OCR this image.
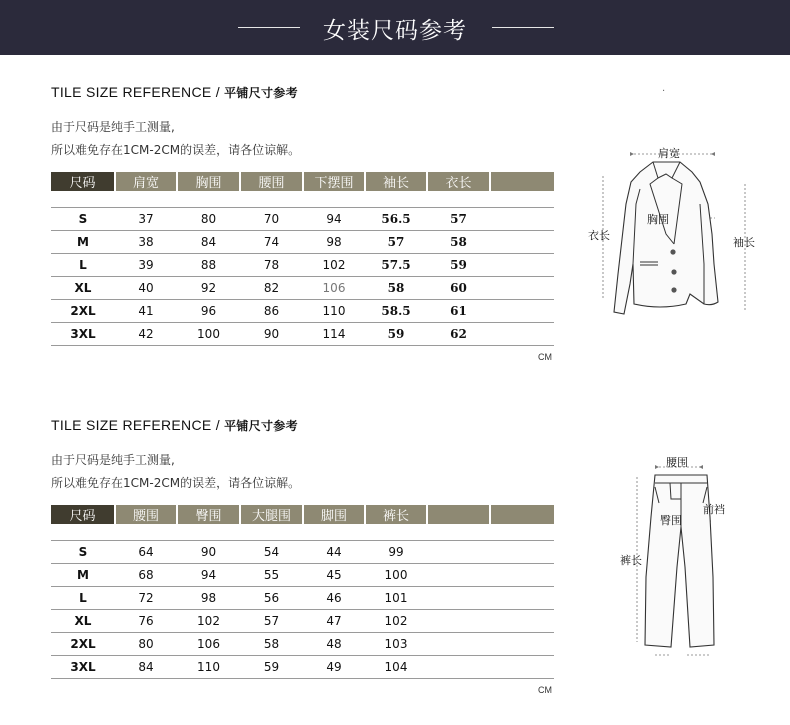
女装尺码参考
TILE SIZE REFERENCE / 平铺尺寸参考
由于尺码是纯手工测量,
所以难免存在1CM-2CM的误差，请各位谅解。
尺码	肩宽	胸围	腰围	下摆围	袖长	衣长	

S	37	80	70	94	56.5	57	
M	38	84	74	98	57	58	
L	39	88	78	102	57.5	59	
XL	40	92	82	106	58	60	
2XL	41	96	86	110	58.5	61	
3XL	42	100	90	114	59	62	
CM
·
肩宽
胸围
衣长
袖长
TILE SIZE REFERENCE / 平铺尺寸参考
由于尺码是纯手工测量,
所以难免存在1CM-2CM的误差，请各位谅解。
尺码	腰围	臀围	大腿围	脚围	裤长		

S	64	90	54	44	99		
M	68	94	55	45	100		
L	72	98	56	46	101		
XL	76	102	57	47	102		
2XL	80	106	58	48	103		
3XL	84	110	59	49	104		
CM
腰围
前裆
臀围
裤长
